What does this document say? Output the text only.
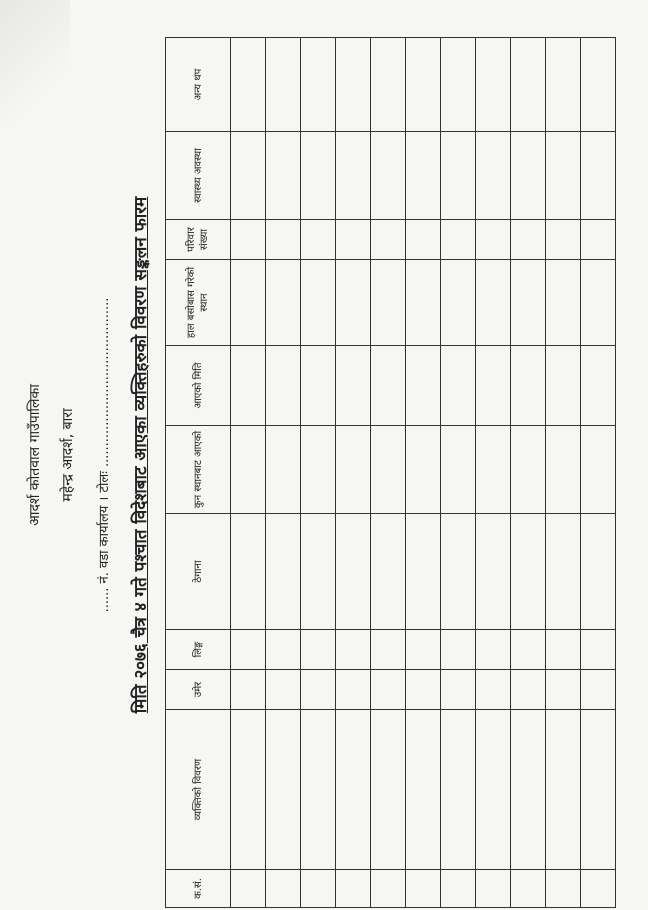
आदर्श कोतवाल गाउँपालिका महेन्द्र आदर्श, बारा ...... नं. वडा कार्यालय । टोलः ......................................... मिति २०७६ चैत्र ४ गते पश्चात विदेशबाट आएका व्यक्तिहरुको विवरण सङ्कलन फारम
क.सं.	व्यक्तिको विवरण	उमेर	लिङ्ग	ठेगाना	कुन स्थानबाट आएको	आएको मिति	हाल बसोबास गरेको स्थान	परिवार संख्या	स्वास्थ्य अवस्था	अन्य थप
